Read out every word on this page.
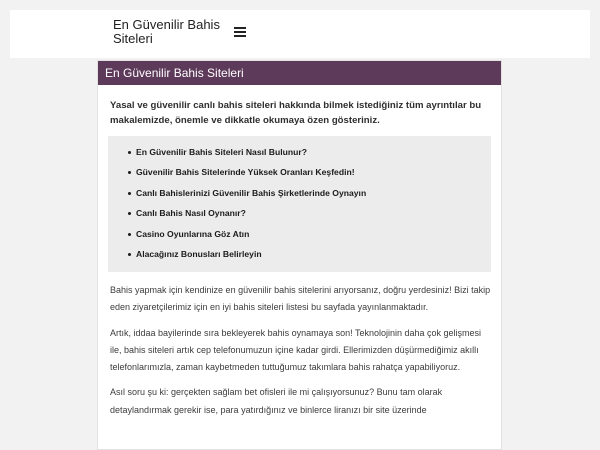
En Güvenilir Bahis Siteleri
En Güvenilir Bahis Siteleri

Yasal ve güvenilir canlı bahis siteleri hakkında bilmek istediğiniz tüm ayrıntılar bu makalemizde, önemle ve dikkatle okumaya özen gösteriniz.

En Güvenilir Bahis Siteleri Nasıl Bulunur?
Güvenilir Bahis Sitelerinde Yüksek Oranları Keşfedin!
Canlı Bahislerinizi Güvenilir Bahis Şirketlerinde Oynayın
Canlı Bahis Nasıl Oynanır?
Casino Oyunlarına Göz Atın
Alacağınız Bonusları Belirleyin

Bahis yapmak için kendinize en güvenilir bahis sitelerini arıyorsanız, doğru yerdesiniz! Bizi takip eden ziyaretçilerimiz için en iyi bahis siteleri listesi bu sayfada yayınlanmaktadır.

Artık, iddaa bayilerinde sıra bekleyerek bahis oynamaya son! Teknolojinin daha çok gelişmesi ile, bahis siteleri artık cep telefonumuzun içine kadar girdi. Ellerimizden düşürmediğimiz akıllı telefonlarımızla, zaman kaybetmeden tuttuğumuz takımlara bahis rahatça yapabiliyoruz.

Asıl soru şu ki: gerçekten sağlam bet ofisleri ile mi çalışıyorsunuz? Bunu tam olarak detaylandırmak gerekir ise, para yatırdığınız ve binlerce liranızı bir site üzerinde
